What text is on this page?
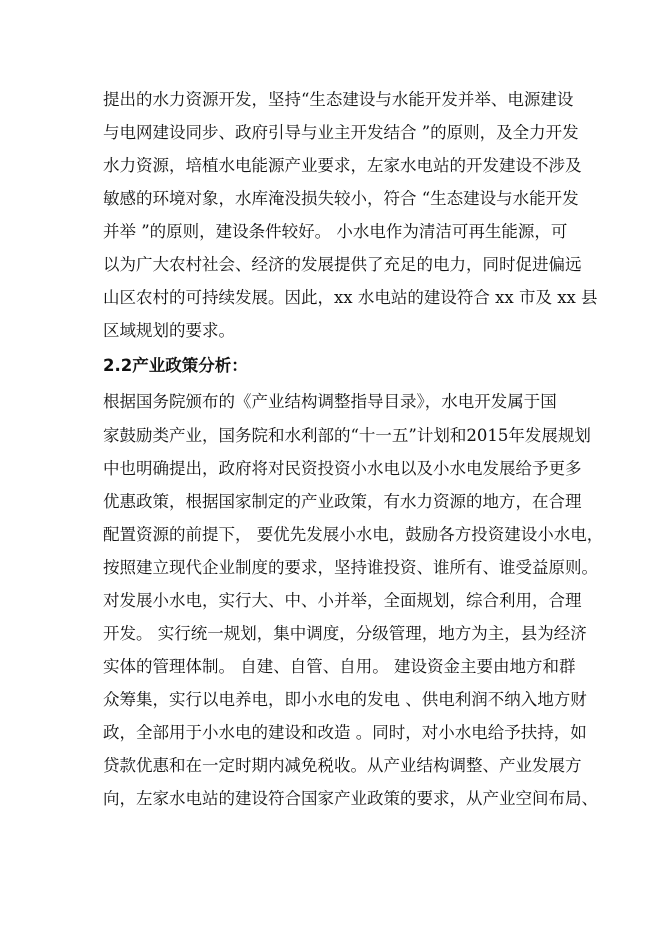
提出的水力资源开发，坚持“生态建设与水能开发并举、电源建设
与电网建设同步、政府引导与业主开发结合 ”的原则，及全力开发
水力资源，培植水电能源产业要求，左家水电站的开发建设不涉及
敏感的环境对象，水库淹没损失较小，符合 “生态建设与水能开发
并举 ”的原则，建设条件较好。 小水电作为清洁可再生能源，可
以为广大农村社会、经济的发展提供了充足的电力，同时促进偏远
山区农村的可持续发展。因此，xx 水电站的建设符合 xx 市及 xx 县
区域规划的要求。
2.2产业政策分析：
根据国务院颁布的《产业结构调整指导目录》，水电开发属于国
家鼓励类产业，国务院和水利部的“十一五”计划和2015年发展规划
中也明确提出，政府将对民资投资小水电以及小水电发展给予更多
优惠政策，根据国家制定的产业政策，有水力资源的地方，在合理
配置资源的前提下， 要优先发展小水电，鼓励各方投资建设小水电，
按照建立现代企业制度的要求，坚持谁投资、谁所有、谁受益原则。
对发展小水电，实行大、中、小并举，全面规划，综合利用，合理
开发。 实行统一规划，集中调度，分级管理，地方为主，县为经济
实体的管理体制。 自建、自管、自用。 建设资金主要由地方和群
众筹集，实行以电养电，即小水电的发电 、供电利润不纳入地方财
政，全部用于小水电的建设和改造 。同时，对小水电给予扶持，如
贷款优惠和在一定时期内减免税收。从产业结构调整、产业发展方
向，左家水电站的建设符合国家产业政策的要求，从产业空间布局、
